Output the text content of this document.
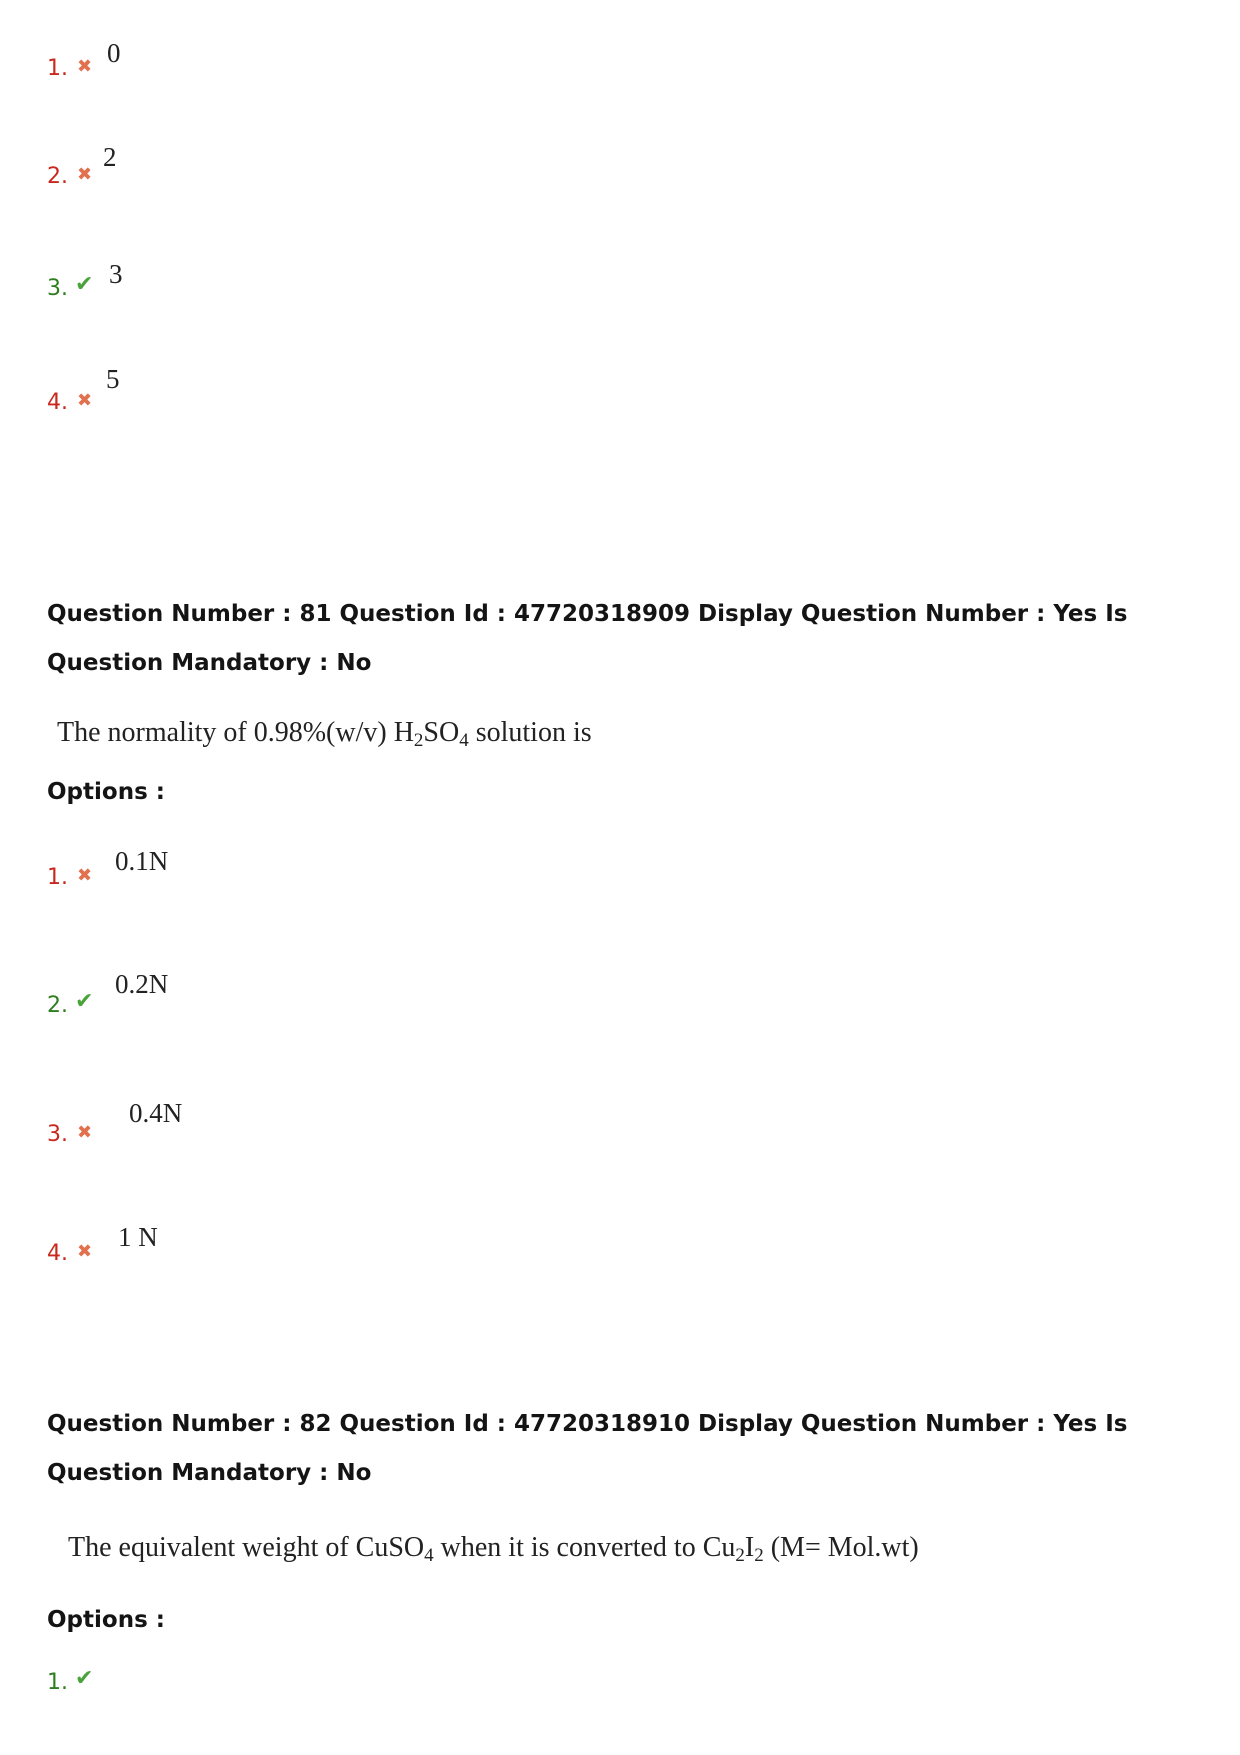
1. ✖ 0
2. ✖
2
3. ✔ 3
4. ✖
5
Question Number : 81 Question Id : 47720318909 Display Question Number : Yes Is Question Mandatory : No
The normality of 0.98%(w/v) $H_2SO_4$ solution is
Options :
1. ✖ 0.1N
2. ✔
0.2N
3. ✖
0.4N
4. ✖ 1 N
Question Number : 82 Question Id : 47720318910 Display Question Number : Yes Is Question Mandatory : No
The equivalent weight of CuSO$_4$ when it is converted to $Cu_2I_2$ (M= Mol.wt)
Options :
1. ✔
